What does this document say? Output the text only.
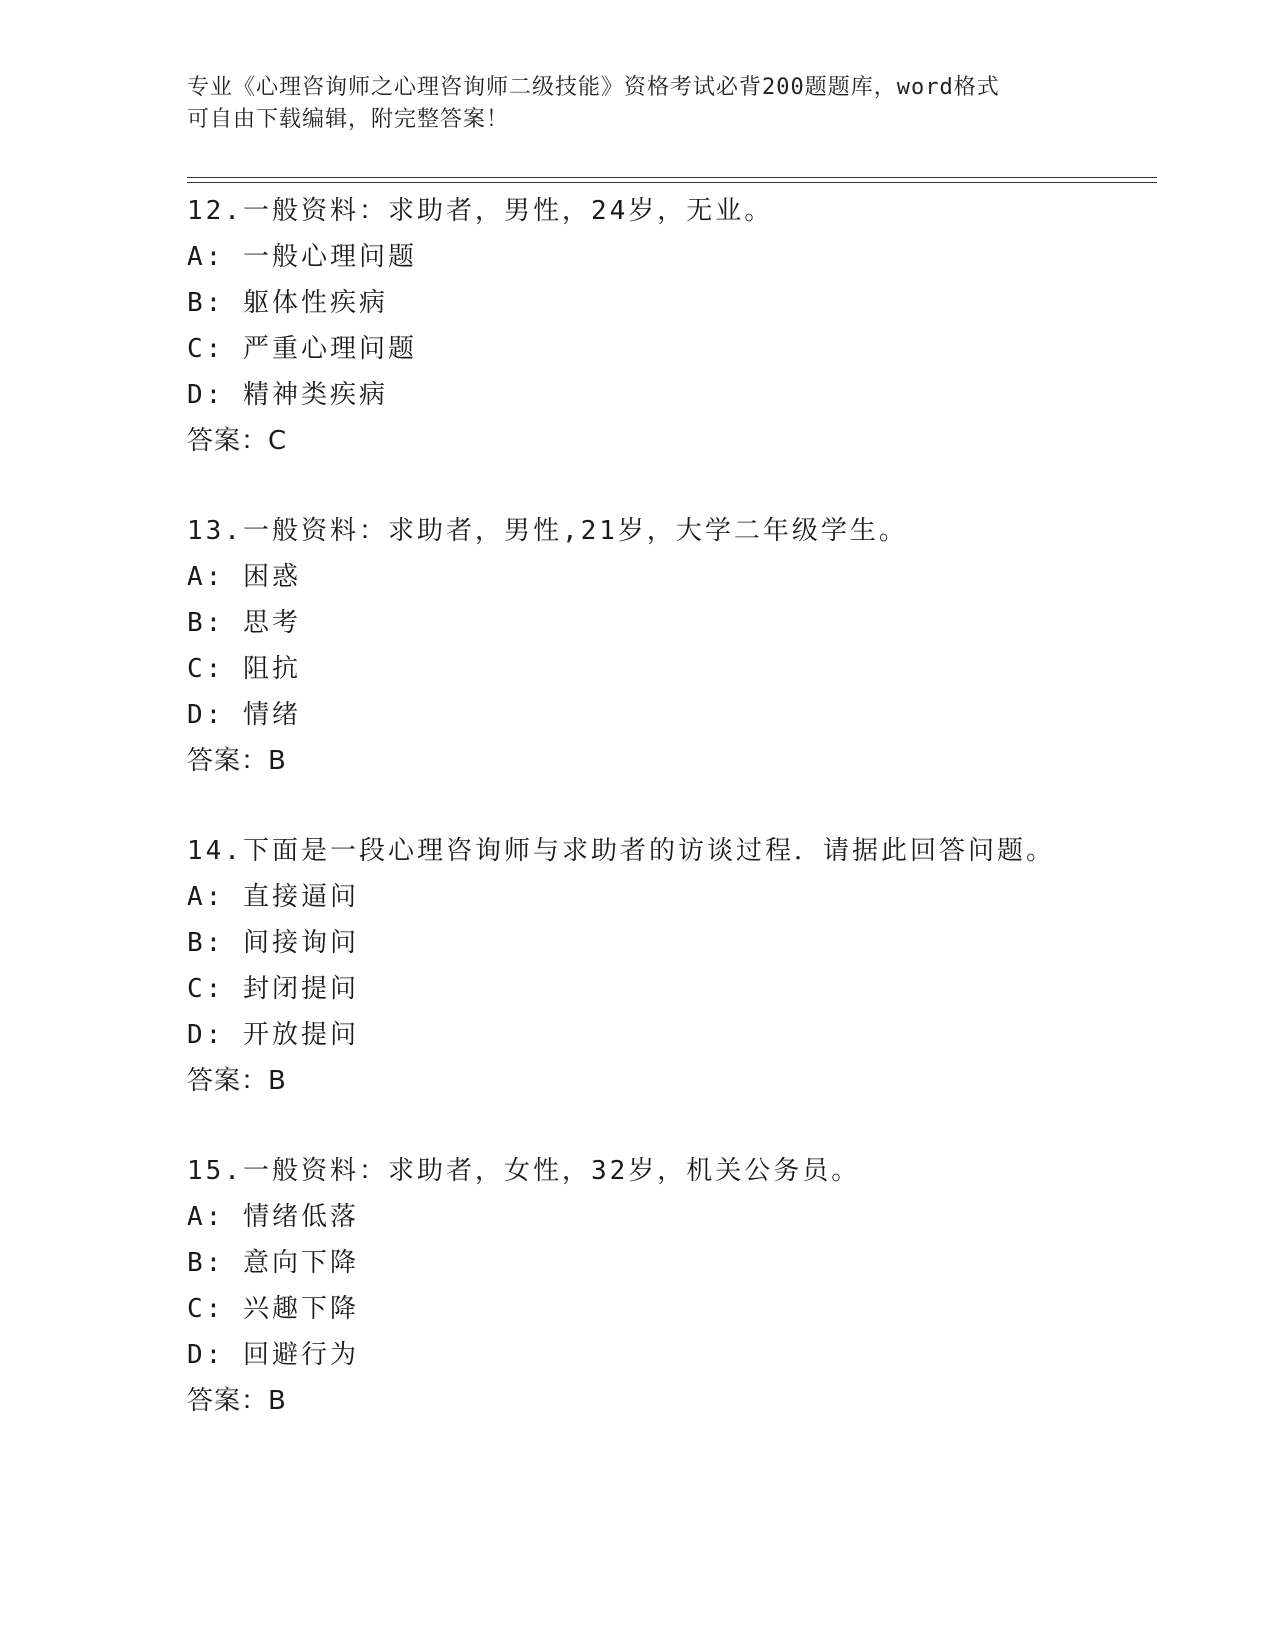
专业《心理咨询师之心理咨询师二级技能》资格考试必背200题题库，word格式
可自由下载编辑，附完整答案！
12.一般资料：求助者，男性，24岁，无业。
A: 一般心理问题
B: 躯体性疾病
C: 严重心理问题
D: 精神类疾病
答案：C
13.一般资料：求助者，男性,21岁，大学二年级学生。
A: 困惑
B: 思考
C: 阻抗
D: 情绪
答案：B
14.下面是一段心理咨询师与求助者的访谈过程．请据此回答问题。
A: 直接逼问
B: 间接询问
C: 封闭提问
D: 开放提问
答案：B
15.一般资料：求助者，女性，32岁，机关公务员。
A: 情绪低落
B: 意向下降
C: 兴趣下降
D: 回避行为
答案：B
